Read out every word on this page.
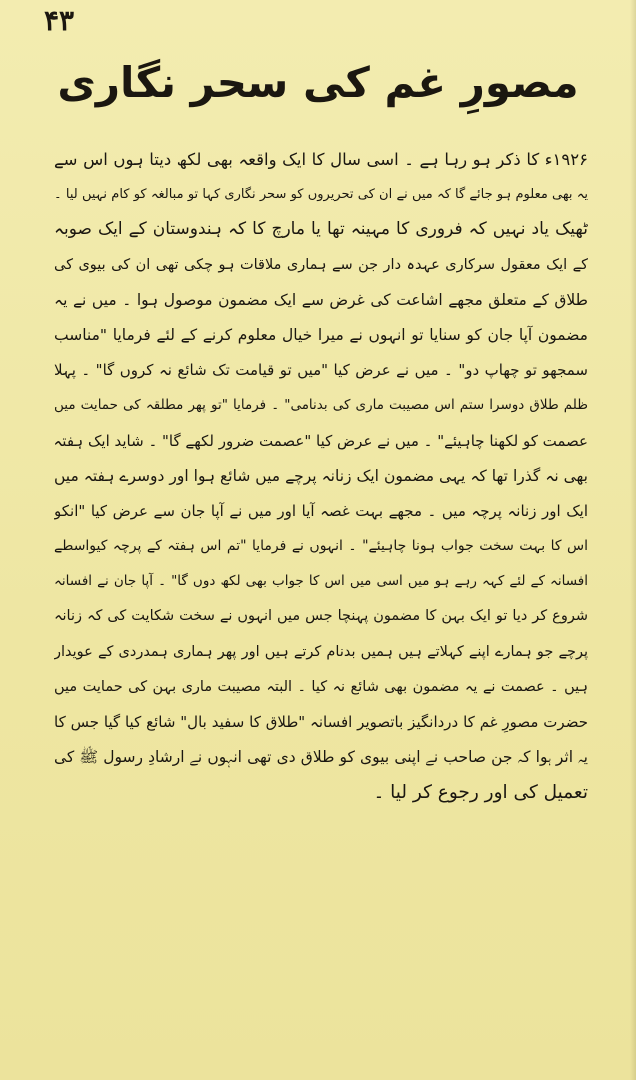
۴۳
مصورِ غم کی سحر نگاری
۱۹۲۶ء کا ذکر ہو رہا ہے ۔ اسی سال کا ایک واقعہ بھی لکھ دیتا ہوں اس سے
یہ بھی معلوم ہو جائے گا کہ میں نے ان کی تحریروں کو سحر نگاری کہا تو مبالغہ کو کام نہیں لیا ۔
ٹھیک یاد نہیں کہ فروری کا مہینہ تھا یا مارچ کا کہ ہندوستان کے ایک صوبہ
کے ایک معقول سرکاری عہدہ دار جن سے ہماری ملاقات ہو چکی تھی ان کی بیوی کی
طلاق کے متعلق مجھے اشاعت کی غرض سے ایک مضمون موصول ہوا ۔ میں نے یہ
مضمون آپا جان کو سنایا تو انہوں نے میرا خیال معلوم کرنے کے لئے فرمایا "مناسب
سمجھو تو چھاپ دو" ۔ میں نے عرض کیا "میں تو قیامت تک شائع نہ کروں گا" ۔ پہلا
ظلم طلاق دوسرا ستم اس مصیبت ماری کی بدنامی" ۔ فرمایا "تو پھر مطلقہ کی حمایت میں
عصمت کو لکھنا چاہیئے" ۔ میں نے عرض کیا "عصمت ضرور لکھے گا" ۔ شاید ایک ہفتہ
بھی نہ گذرا تھا کہ یہی مضمون ایک زنانہ پرچے میں شائع ہوا اور دوسرے ہفتہ میں
ایک اور زنانہ پرچہ میں ۔ مجھے بہت غصہ آیا اور میں نے آپا جان سے عرض کیا "انکو
اس کا بہت سخت جواب ہونا چاہیئے" ۔ انہوں نے فرمایا "تم اس ہفتہ کے پرچہ کیواسطے
افسانہ کے لئے کہہ رہے ہو میں اسی میں اس کا جواب بھی لکھ دوں گا" ۔ آپا جان نے افسانہ
شروع کر دیا تو ایک بہن کا مضمون پہنچا جس میں انہوں نے سخت شکایت کی کہ زنانہ
پرچے جو ہمارے اپنے کہلاتے ہیں ہمیں بدنام کرتے ہیں اور پھر ہماری ہمدردی کے عویدار
ہیں ۔ عصمت نے یہ مضمون بھی شائع نہ کیا ۔ البتہ مصیبت ماری بہن کی حمایت میں
حضرت مصورِ غم کا دردانگیز باتصویر افسانہ "طلاق کا سفید بال" شائع کیا گیا جس کا
یہ اثر ہوا کہ جن صاحب نے اپنی بیوی کو طلاق دی تھی انہوں نے ارشادِ رسول ﷺ کی
تعمیل کی اور رجوع کر لیا ۔
